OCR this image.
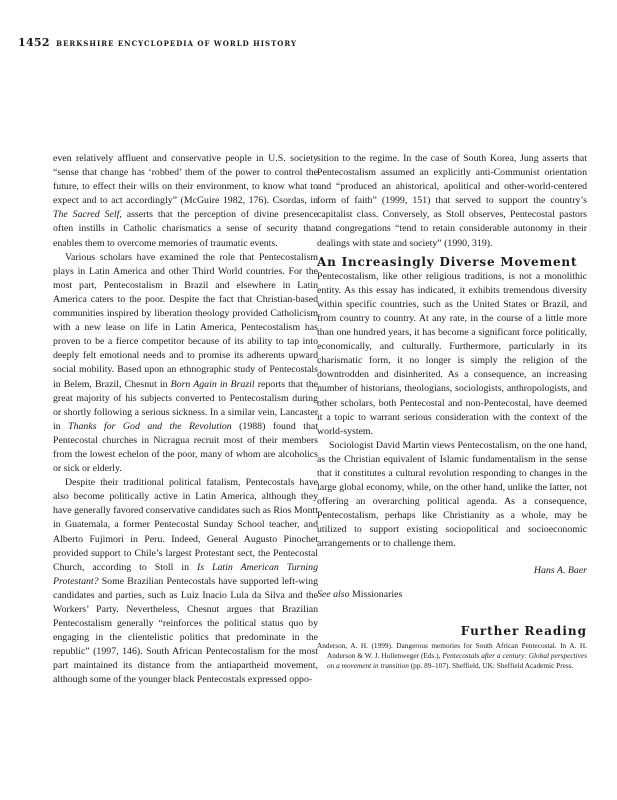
1452 BERKSHIRE ENCYCLOPEDIA OF WORLD HISTORY

even relatively affluent and conservative people in U.S. society “sense that change has ‘robbed’ them of the power to control the future, to effect their wills on their environment, to know what to expect and to act accordingly” (McGuire 1982, 176). Csordas, in The Sacred Self, asserts that the perception of divine presence often instills in Catholic charismatics a sense of security that enables them to overcome memories of traumatic events.

Various scholars have examined the role that Pentecostalism plays in Latin America and other Third World countries. For the most part, Pentecostalism in Brazil and elsewhere in Latin America caters to the poor. Despite the fact that Christian-based communities inspired by liberation theology provided Catholicism with a new lease on life in Latin America, Pentecostalism has proven to be a fierce competitor because of its ability to tap into deeply felt emotional needs and to promise its adherents upward social mobility. Based upon an ethnographic study of Pentecostals in Belem, Brazil, Chesnut in Born Again in Brazil reports that the great majority of his subjects converted to Pentecostalism during or shortly following a serious sickness. In a similar vein, Lancaster in Thanks for God and the Revolution (1988) found that Pentecostal churches in Nicragua recruit most of their members from the lowest echelon of the poor, many of whom are alcoholics or sick or elderly.

Despite their traditional political fatalism, Pentecostals have also become politically active in Latin America, although they have generally favored conservative candidates such as Rios Montt in Guatemala, a former Pentecostal Sunday School teacher, and Alberto Fujimori in Peru. Indeed, General Augusto Pinochet provided support to Chile’s largest Protestant sect, the Pentecostal Church, according to Stoll in Is Latin American Turning Protestant? Some Brazilian Pentecostals have supported left-wing candidates and parties, such as Luiz Inacio Lula da Silva and the Workers’ Party. Nevertheless, Chesnut argues that Brazilian Pentecostalism generally “reinforces the political status quo by engaging in the clientelistic politics that predominate in the republic” (1997, 146). South African Pentecostalism for the most part maintained its distance from the antiapartheid movement, although some of the younger black Pentecostals expressed oppo-

sition to the regime. In the case of South Korea, Jung asserts that Pentecostalism assumed an explicitly anti-Communist orientation and “produced an ahistorical, apolitical and other-world-centered form of faith” (1999, 151) that served to support the country’s capitalist class. Conversely, as Stoll observes, Pentecostal pastors and congregations “tend to retain considerable autonomy in their dealings with state and society” (1990, 319).

An Increasingly Diverse Movement

Pentecostalism, like other religious traditions, is not a monolithic entity. As this essay has indicated, it exhibits tremendous diversity within specific countries, such as the United States or Brazil, and from country to country. At any rate, in the course of a little more than one hundred years, it has become a significant force politically, economically, and culturally. Furthermore, particularly in its charismatic form, it no longer is simply the religion of the downtrodden and disinherited. As a consequence, an increasing number of historians, theologians, sociologists, anthropologists, and other scholars, both Pentecostal and non-Pentecostal, have deemed it a topic to warrant serious consideration with the context of the world-system.

Sociologist David Martin views Pentecostalism, on the one hand, as the Christian equivalent of Islamic fundamentalism in the sense that it constitutes a cultural revolution responding to changes in the large global economy, while, on the other hand, unlike the latter, not offering an overarching political agenda. As a consequence, Pentecostalism, perhaps like Christianity as a whole, may be utilized to support existing sociopolitical and socioeconomic arrangements or to challenge them.

Hans A. Baer

See also Missionaries

Further Reading

Anderson, A. H. (1999). Dangerous memories for South African Pentecostal. In A. H. Anderson & W. J. Hollenweger (Eds.), Pentecostals after a century: Global perspectives on a movement in transition (pp. 89–107). Sheffield, UK: Sheffield Academic Press.
